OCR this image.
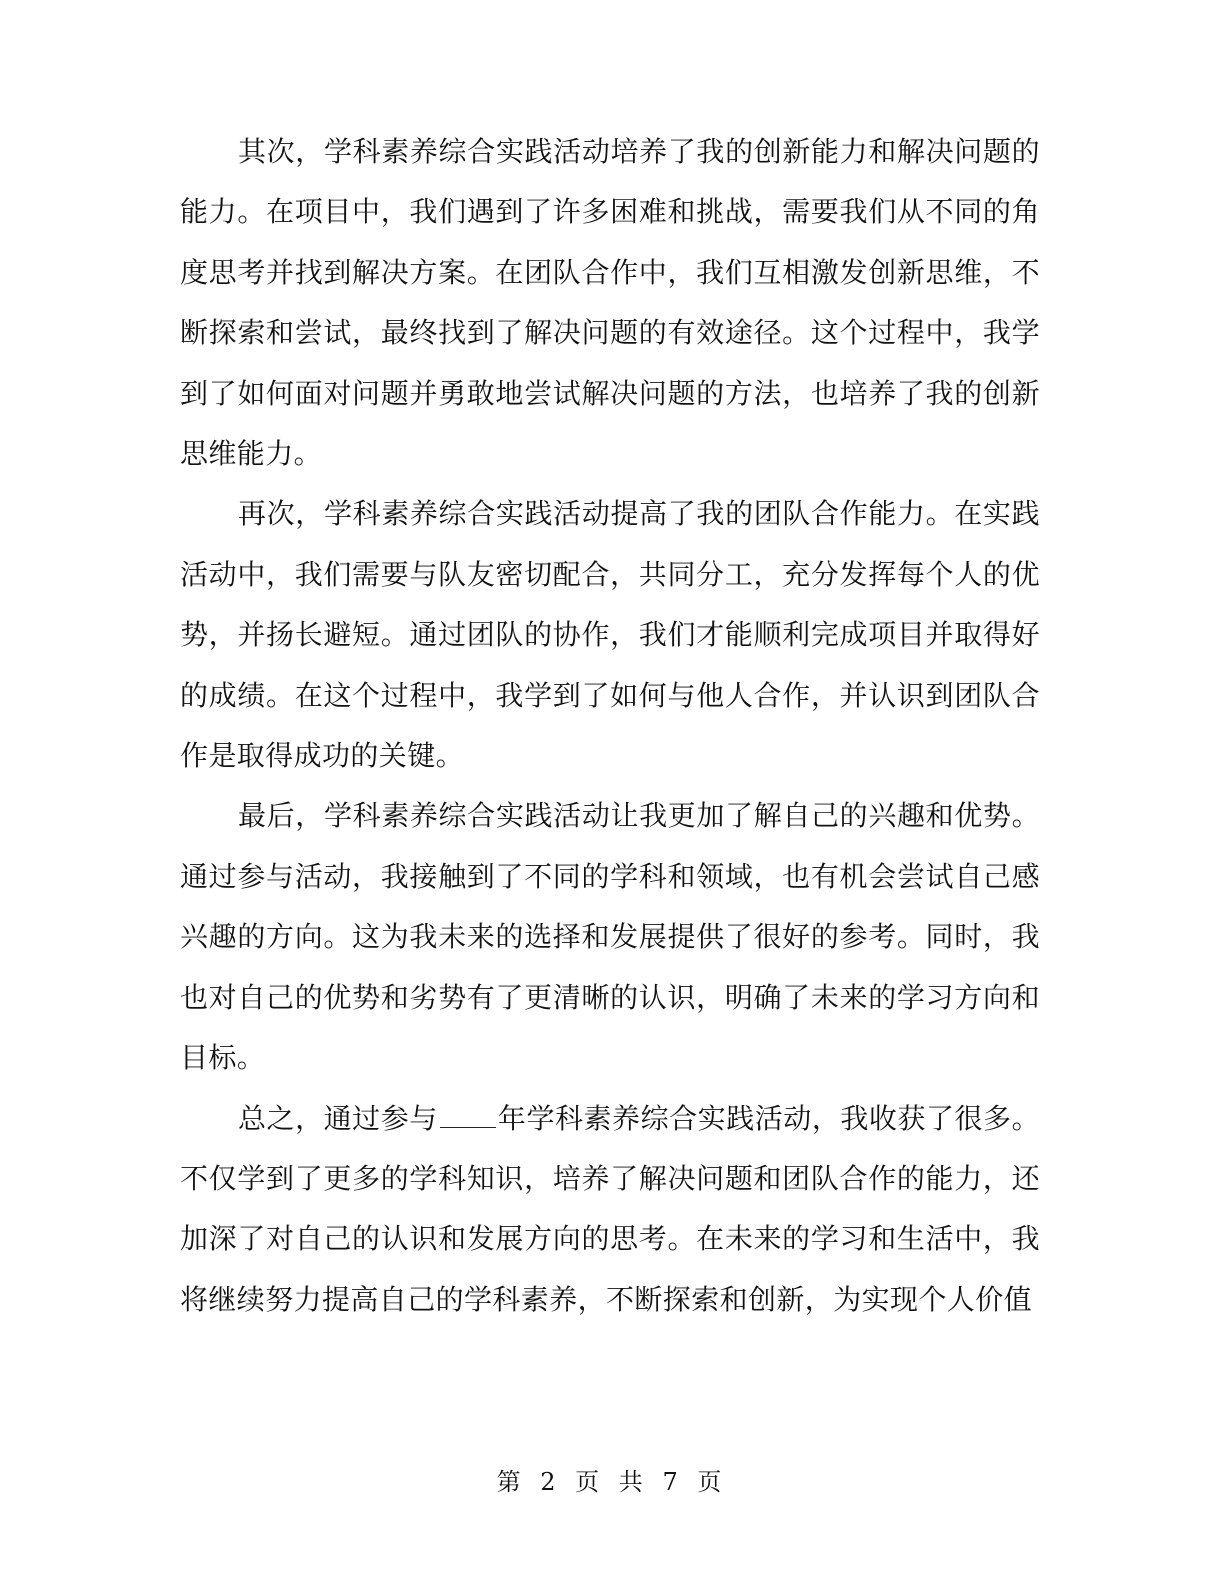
其次，学科素养综合实践活动培养了我的创新能力和解决问题的能力。在项目中，我们遇到了许多困难和挑战，需要我们从不同的角度思考并找到解决方案。在团队合作中，我们互相激发创新思维，不断探索和尝试，最终找到了解决问题的有效途径。这个过程中，我学到了如何面对问题并勇敢地尝试解决问题的方法，也培养了我的创新思维能力。

再次，学科素养综合实践活动提高了我的团队合作能力。在实践活动中，我们需要与队友密切配合，共同分工，充分发挥每个人的优势，并扬长避短。通过团队的协作，我们才能顺利完成项目并取得好的成绩。在这个过程中，我学到了如何与他人合作，并认识到团队合作是取得成功的关键。

最后，学科素养综合实践活动让我更加了解自己的兴趣和优势。通过参与活动，我接触到了不同的学科和领域，也有机会尝试自己感兴趣的方向。这为我未来的选择和发展提供了很好的参考。同时，我也对自己的优势和劣势有了更清晰的认识，明确了未来的学习方向和目标。

总之，通过参与 年学科素养综合实践活动，我收获了很多。不仅学到了更多的学科知识，培养了解决问题和团队合作的能力，还加深了对自己的认识和发展方向的思考。在未来的学习和生活中，我将继续努力提高自己的学科素养，不断探索和创新，为实现个人价值

第 2 页 共 7 页
